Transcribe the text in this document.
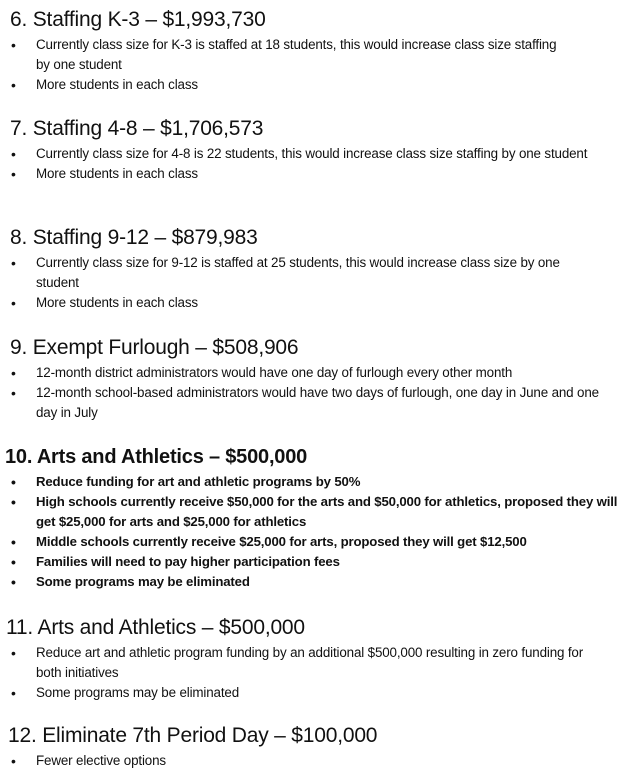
6. Staffing K-3 – $1,993,730
• Currently class size for K-3 is staffed at 18 students, this would increase class size staffing by one student
• More students in each class
7. Staffing 4-8 – $1,706,573
• Currently class size for 4-8 is 22 students, this would increase class size staffing by one student
• More students in each class
8. Staffing 9-12 – $879,983
• Currently class size for 9-12 is staffed at 25 students, this would increase class size by one student
• More students in each class
9. Exempt Furlough – $508,906
• 12-month district administrators would have one day of furlough every other month
• 12-month school-based administrators would have two days of furlough, one day in June and one day in July
10. Arts and Athletics – $500,000
• Reduce funding for art and athletic programs by 50%
• High schools currently receive $50,000 for the arts and $50,000 for athletics, proposed they will get $25,000 for arts and $25,000 for athletics
• Middle schools currently receive $25,000 for arts, proposed they will get $12,500
• Families will need to pay higher participation fees
• Some programs may be eliminated
11. Arts and Athletics – $500,000
• Reduce art and athletic program funding by an additional $500,000 resulting in zero funding for both initiatives
• Some programs may be eliminated
12. Eliminate 7th Period Day – $100,000
• Fewer elective options
